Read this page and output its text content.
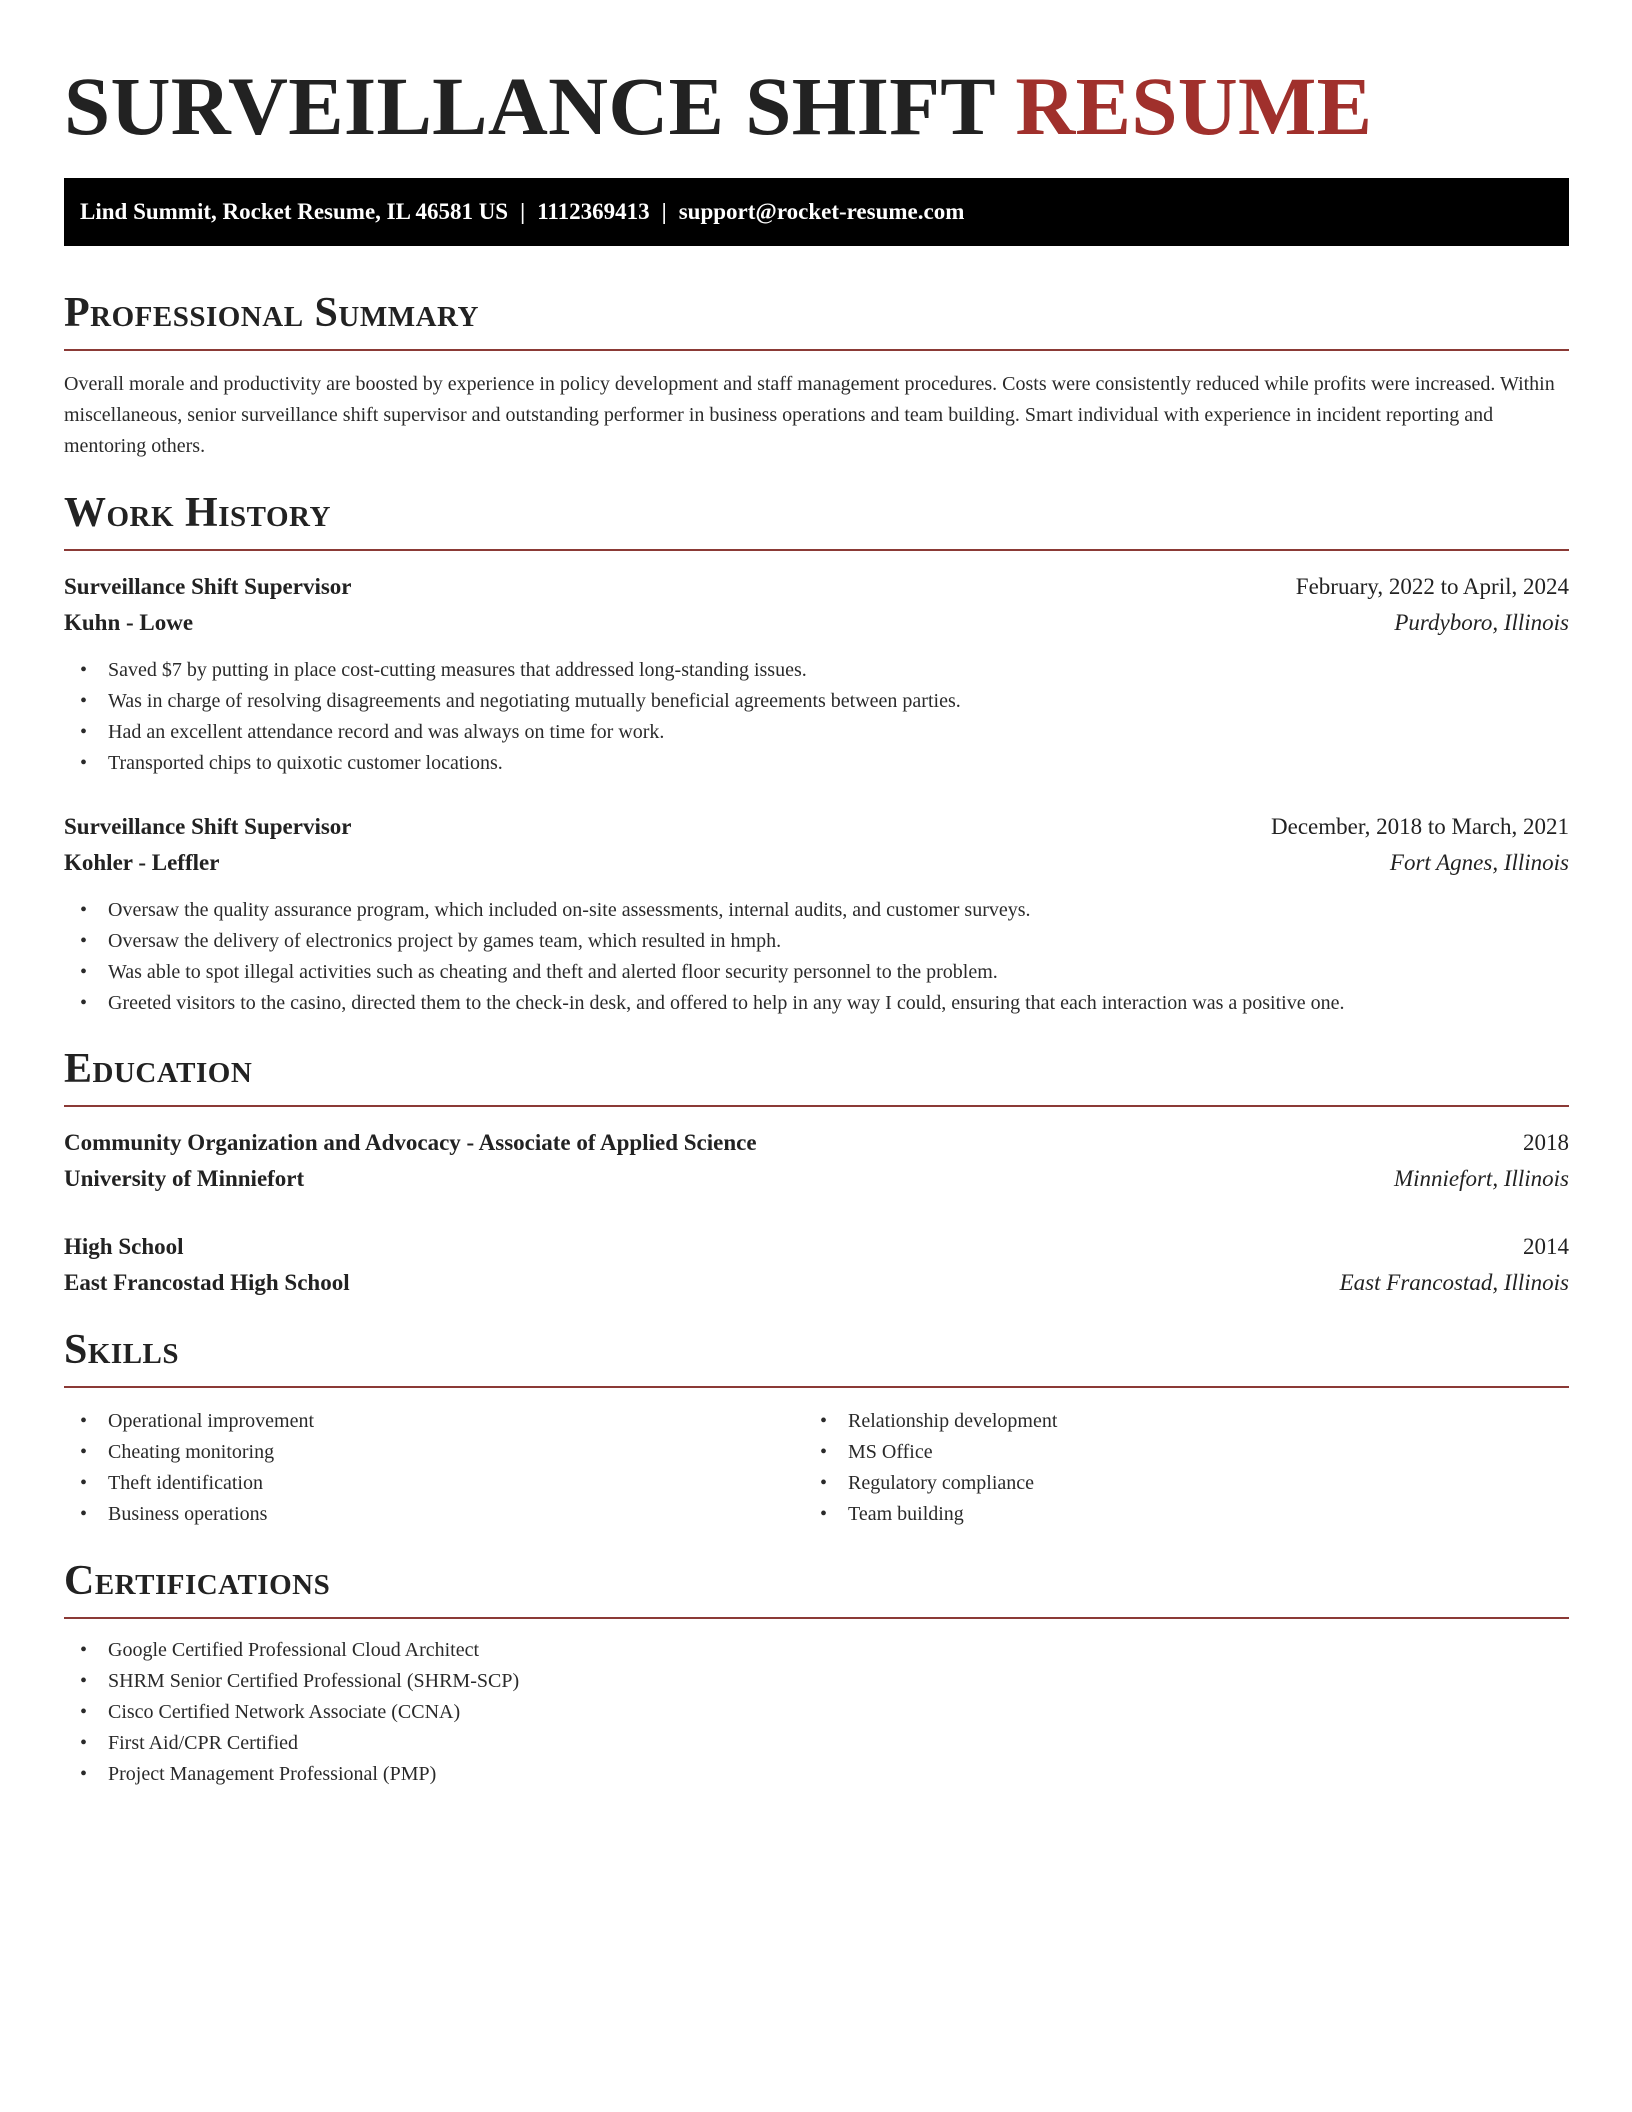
SURVEILLANCE SHIFT RESUME
Lind Summit, Rocket Resume, IL 46581 US | 1112369413 | support@rocket-resume.com
Professional Summary

Overall morale and productivity are boosted by experience in policy development and staff management procedures. Costs were consistently reduced while profits were increased. Within miscellaneous, senior surveillance shift supervisor and outstanding performer in business operations and team building. Smart individual with experience in incident reporting and mentoring others.

Work History
Surveillance Shift Supervisor	February, 2022 to April, 2024
Kuhn - Lowe	Purdyboro, Illinois
• Saved $7 by putting in place cost-cutting measures that addressed long-standing issues.
• Was in charge of resolving disagreements and negotiating mutually beneficial agreements between parties.
• Had an excellent attendance record and was always on time for work.
• Transported chips to quixotic customer locations.
Surveillance Shift Supervisor	December, 2018 to March, 2021
Kohler - Leffler	Fort Agnes, Illinois
• Oversaw the quality assurance program, which included on-site assessments, internal audits, and customer surveys.
• Oversaw the delivery of electronics project by games team, which resulted in hmph.
• Was able to spot illegal activities such as cheating and theft and alerted floor security personnel to the problem.
• Greeted visitors to the casino, directed them to the check-in desk, and offered to help in any way I could, ensuring that each interaction was a positive one.
Education
Community Organization and Advocacy - Associate of Applied Science	2018
University of Minniefort	Minniefort, Illinois
High School	2014
East Francostad High School	East Francostad, Illinois
Skills
• Operational improvement
• Cheating monitoring
• Theft identification
• Business operations
• Relationship development
• MS Office
• Regulatory compliance
• Team building
Certifications
• Google Certified Professional Cloud Architect
• SHRM Senior Certified Professional (SHRM-SCP)
• Cisco Certified Network Associate (CCNA)
• First Aid/CPR Certified
• Project Management Professional (PMP)
